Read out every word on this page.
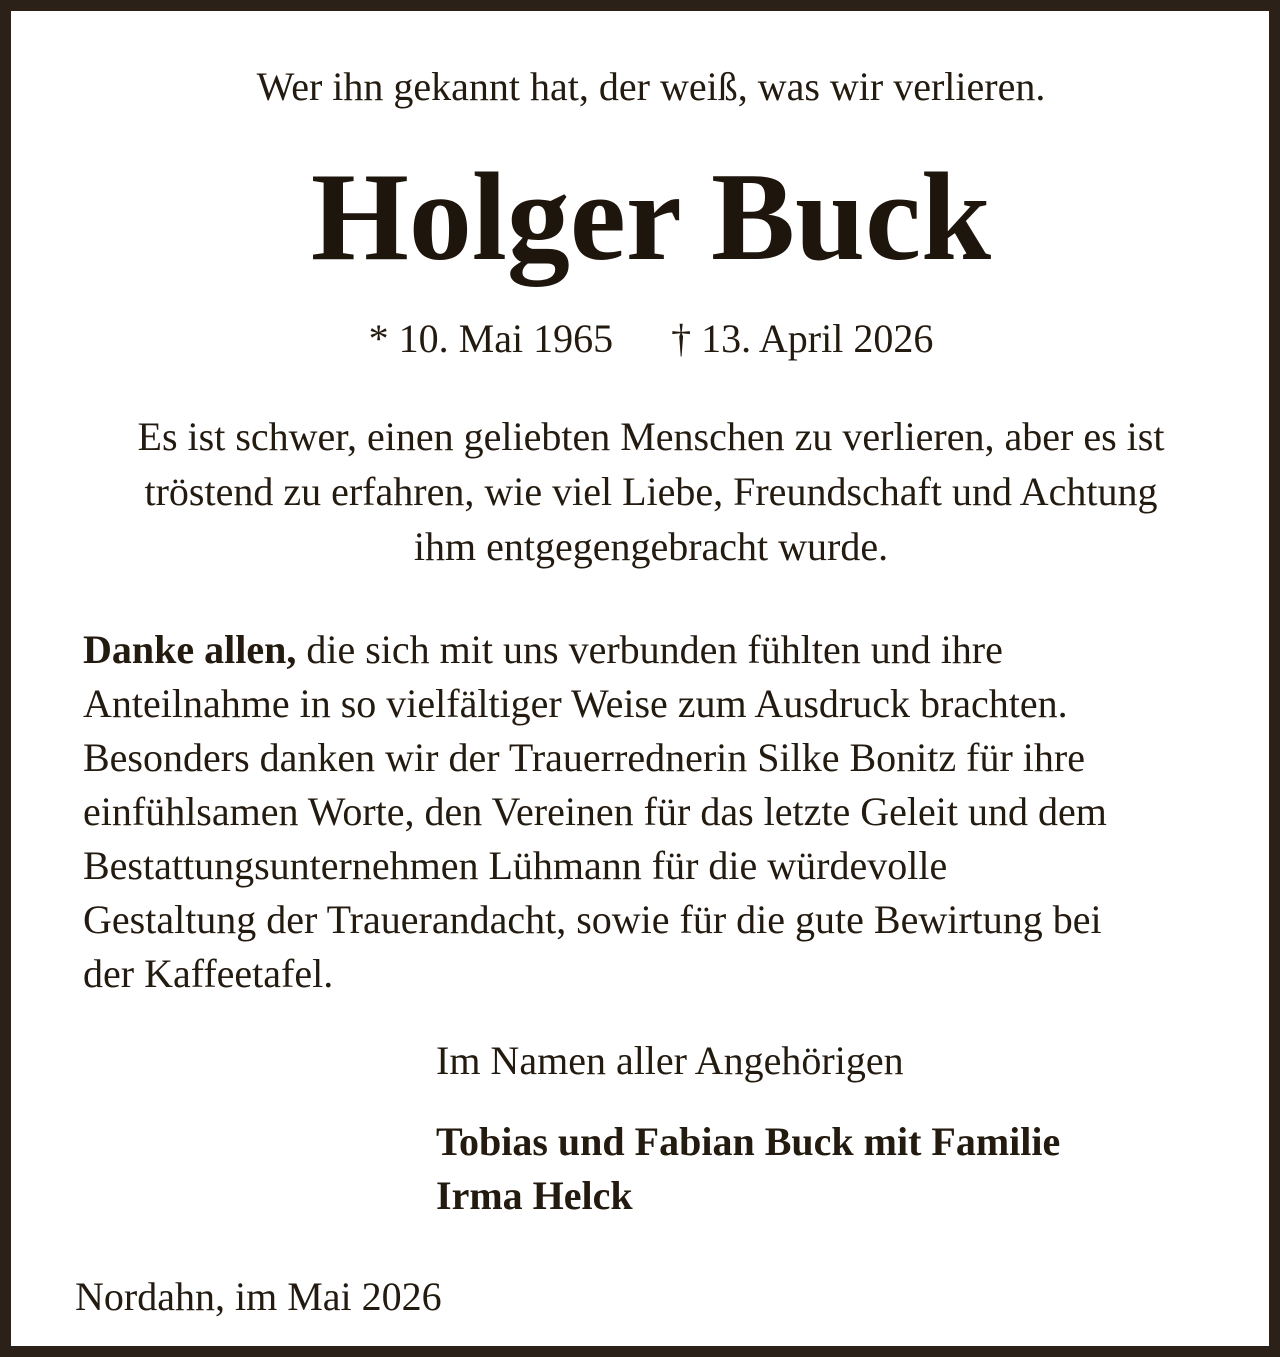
Wer ihn gekannt hat, der weiß, was wir verlieren.
Holger Buck
* 10. Mai 1965 † 13. April 2026
Es ist schwer, einen geliebten Menschen zu verlieren, aber es ist
tröstend zu erfahren, wie viel Liebe, Freundschaft und Achtung
ihm entgegengebracht wurde.
Danke allen, die sich mit uns verbunden fühlten und ihre
Anteilnahme in so vielfältiger Weise zum Ausdruck brachten.
Besonders danken wir der Trauerrednerin Silke Bonitz für ihre
einfühlsamen Worte, den Vereinen für das letzte Geleit und dem
Bestattungsunternehmen Lühmann für die würdevolle
Gestaltung der Trauerandacht, sowie für die gute Bewirtung bei
der Kaffeetafel.
Im Namen aller Angehörigen
Tobias und Fabian Buck mit Familie
Irma Helck
Nordahn, im Mai 2026
